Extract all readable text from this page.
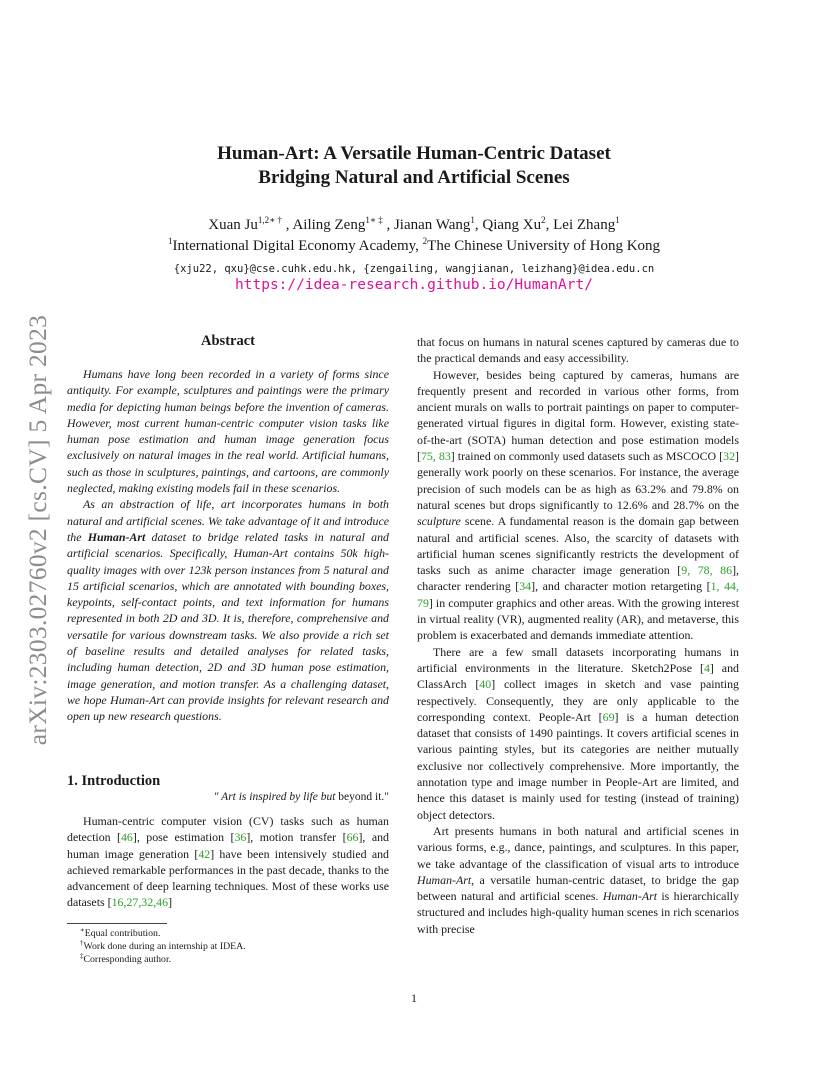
arXiv:2303.02760v2 [cs.CV] 5 Apr 2023
Human-Art: A Versatile Human-Centric Dataset
Bridging Natural and Artificial Scenes
Xuan $Ju^{1,2∗ \dagger}$ , Ailing Zeng$^{1∗ \ddagger}$ , Jianan Wang$^1$, Qiang Xu$^2$, Lei Zhang$^1$
$^1$International Digital Economy Academy, $^2$The Chinese University of Hong Kong
{xju22, qxu}@cse.cuhk.edu.hk, {zengailing, wangjianan, leizhang}@idea.edu.cn
https://idea-research.github.io/HumanArt/
Abstract

Humans have long been recorded in a variety of forms since antiquity. For example, sculptures and paintings were the primary media for depicting human beings before the invention of cameras. However, most current human-centric computer vision tasks like human pose estimation and human image generation focus exclusively on natural images in the real world. Artificial humans, such as those in sculptures, paintings, and cartoons, are commonly neglected, making existing models fail in these scenarios.

As an abstraction of life, art incorporates humans in both natural and artificial scenes. We take advantage of it and introduce the Human-Art dataset to bridge related tasks in natural and artificial scenarios. Specifically, Human-Art contains 50k high-quality images with over 123k person instances from 5 natural and 15 artificial scenarios, which are annotated with bounding boxes, keypoints, self-contact points, and text information for humans represented in both 2D and 3D. It is, therefore, comprehensive and versatile for various downstream tasks. We also provide a rich set of baseline results and detailed analyses for related tasks, including human detection, 2D and 3D human pose estimation, image generation, and motion transfer. As a challenging dataset, we hope Human-Art can provide insights for relevant research and open up new research questions.

1. Introduction
" Art is inspired by life but beyond it."

Human-centric computer vision (CV) tasks such as human detection [46], pose estimation [36], motion transfer [66], and human image generation [42] have been intensively studied and achieved remarkable performances in the past decade, thanks to the advancement of deep learning techniques. Most of these works use datasets [16,27,32,46]

that focus on humans in natural scenes captured by cameras due to the practical demands and easy accessibility.

However, besides being captured by cameras, humans are frequently present and recorded in various other forms, from ancient murals on walls to portrait paintings on paper to computer-generated virtual figures in digital form. However, existing state-of-the-art (SOTA) human detection and pose estimation models [75, 83] trained on commonly used datasets such as MSCOCO [32] generally work poorly on these scenarios. For instance, the average precision of such models can be as high as 63.2% and 79.8% on natural scenes but drops significantly to 12.6% and 28.7% on the sculpture scene. A fundamental reason is the domain gap between natural and artificial scenes. Also, the scarcity of datasets with artificial human scenes significantly restricts the development of tasks such as anime character image generation [9, 78, 86], character rendering [34], and character motion retargeting [1, 44, 79] in computer graphics and other areas. With the growing interest in virtual reality (VR), augmented reality (AR), and metaverse, this problem is exacerbated and demands immediate attention.

There are a few small datasets incorporating humans in artificial environments in the literature. Sketch2Pose [4] and ClassArch [40] collect images in sketch and vase painting respectively. Consequently, they are only applicable to the corresponding context. People-Art [69] is a human detection dataset that consists of 1490 paintings. It covers artificial scenes in various painting styles, but its categories are neither mutually exclusive nor collectively comprehensive. More importantly, the annotation type and image number in People-Art are limited, and hence this dataset is mainly used for testing (instead of training) object detectors.

Art presents humans in both natural and artificial scenes in various forms, e.g., dance, paintings, and sculptures. In this paper, we take advantage of the classification of visual arts to introduce Human-Art, a versatile human-centric dataset, to bridge the gap between natural and artificial scenes. Human-Art is hierarchically structured and includes high-quality human scenes in rich scenarios with precise

∗Equal contribution.
†Work done during an internship at IDEA.
‡Corresponding author.
1
